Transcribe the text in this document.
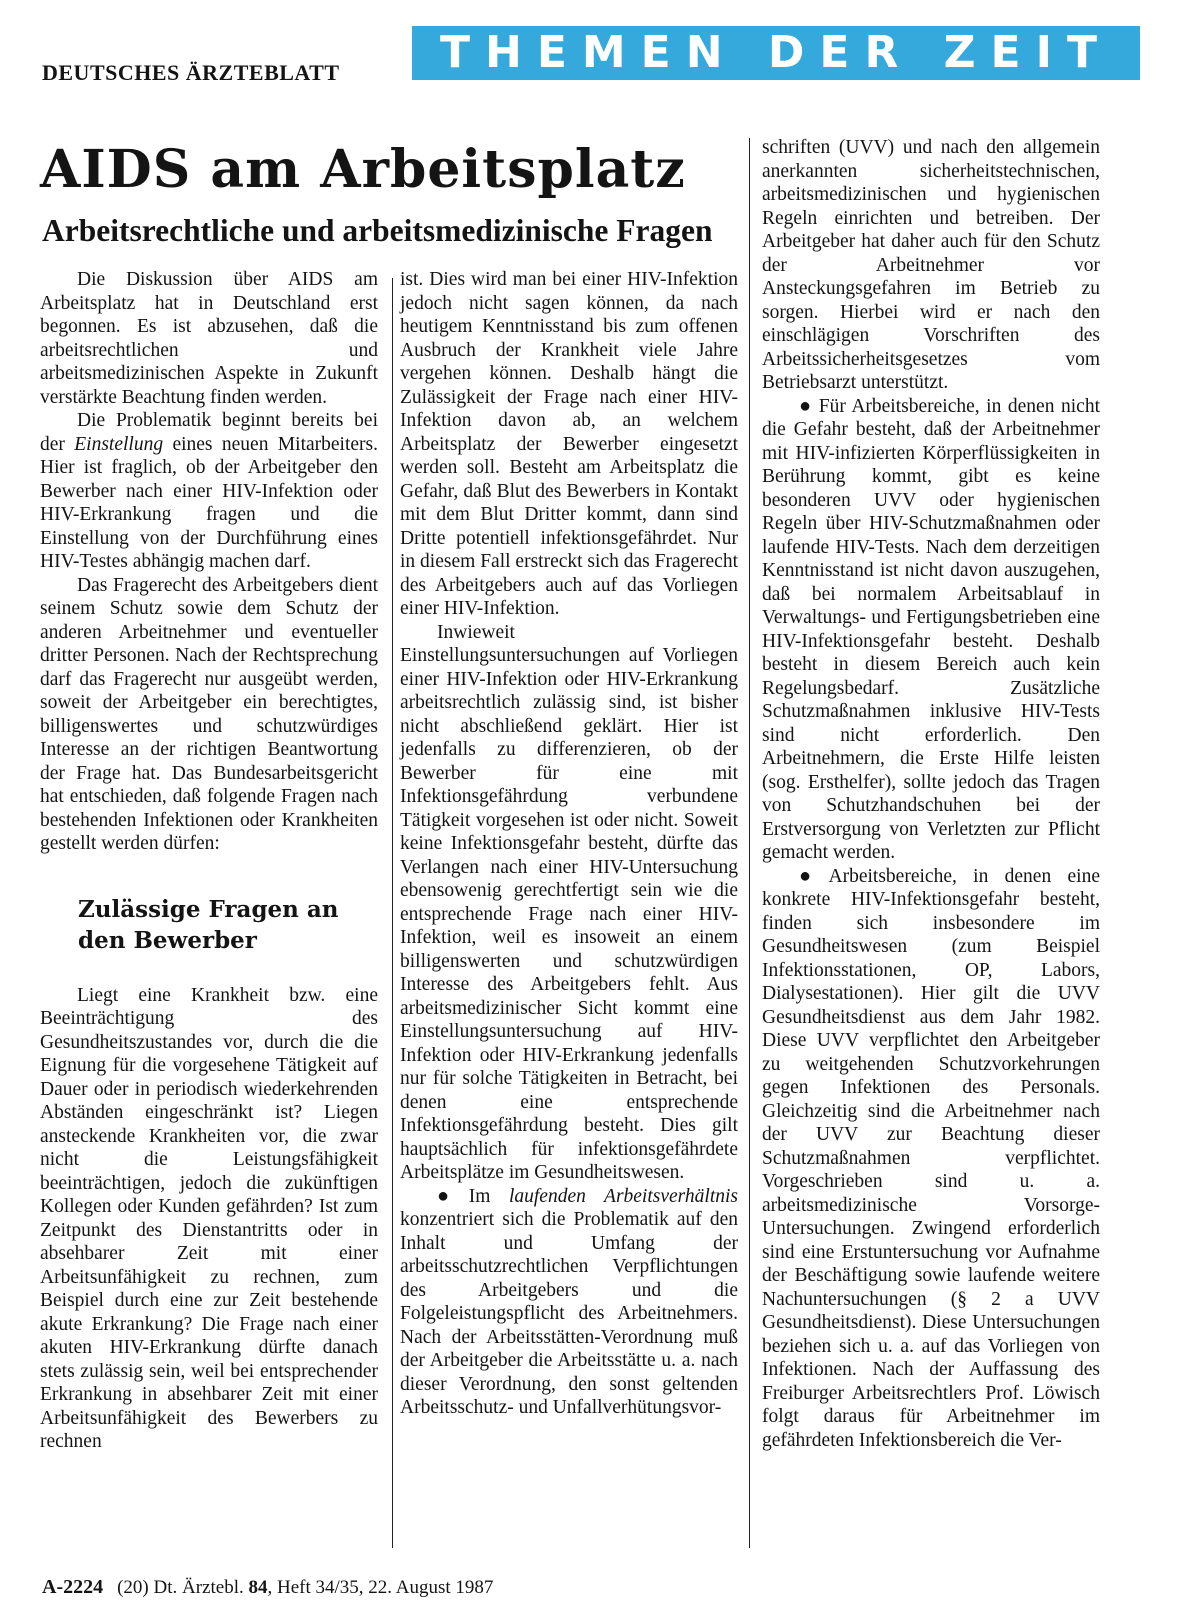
DEUTSCHES ÄRZTEBLATT	THEMEN DER ZEIT
AIDS am Arbeitsplatz
Arbeitsrechtliche und arbeitsmedizinische Fragen

Die Diskussion über AIDS am Arbeitsplatz hat in Deutschland erst begonnen. Es ist abzusehen, daß die arbeitsrechtlichen und arbeitsmedizinischen Aspekte in Zukunft verstärkte Beachtung finden werden.

Die Problematik beginnt bereits bei der Einstellung eines neuen Mitarbeiters. Hier ist fraglich, ob der Arbeitgeber den Bewerber nach einer HIV-Infektion oder HIV-Erkrankung fragen und die Einstellung von der Durchführung eines HIV-Testes abhängig machen darf.

Das Fragerecht des Arbeitgebers dient seinem Schutz sowie dem Schutz der anderen Arbeitnehmer und eventueller dritter Personen. Nach der Rechtsprechung darf das Fragerecht nur ausgeübt werden, soweit der Arbeitgeber ein berechtigtes, billigenswertes und schutzwürdiges Interesse an der richtigen Beantwortung der Frage hat. Das Bundesarbeitsgericht hat entschieden, daß folgende Fragen nach bestehenden Infektionen oder Krankheiten gestellt werden dürfen:

Zulässige Fragen an den Bewerber

Liegt eine Krankheit bzw. eine Beeinträchtigung des Gesundheitszustandes vor, durch die die Eignung für die vorgesehene Tätigkeit auf Dauer oder in periodisch wiederkehrenden Abständen eingeschränkt ist? Liegen ansteckende Krankheiten vor, die zwar nicht die Leistungsfähigkeit beeinträchtigen, jedoch die zukünftigen Kollegen oder Kunden gefährden? Ist zum Zeitpunkt des Dienstantritts oder in absehbarer Zeit mit einer Arbeitsunfähigkeit zu rechnen, zum Beispiel durch eine zur Zeit bestehende akute Erkrankung? Die Frage nach einer akuten HIV-Erkrankung dürfte danach stets zulässig sein, weil bei entsprechender Erkrankung in absehbarer Zeit mit einer Arbeitsunfähigkeit des Bewerbers zu rechnen

ist. Dies wird man bei einer HIV-Infektion jedoch nicht sagen können, da nach heutigem Kenntnisstand bis zum offenen Ausbruch der Krankheit viele Jahre vergehen können. Deshalb hängt die Zulässigkeit der Frage nach einer HIV-Infektion davon ab, an welchem Arbeitsplatz der Bewerber eingesetzt werden soll. Besteht am Arbeitsplatz die Gefahr, daß Blut des Bewerbers in Kontakt mit dem Blut Dritter kommt, dann sind Dritte potentiell infektionsgefährdet. Nur in diesem Fall erstreckt sich das Fragerecht des Arbeitgebers auch auf das Vorliegen einer HIV-Infektion.

Inwieweit Einstellungsuntersuchungen auf Vorliegen einer HIV-Infektion oder HIV-Erkrankung arbeitsrechtlich zulässig sind, ist bisher nicht abschließend geklärt. Hier ist jedenfalls zu differenzieren, ob der Bewerber für eine mit Infektionsgefährdung verbundene Tätigkeit vorgesehen ist oder nicht. Soweit keine Infektionsgefahr besteht, dürfte das Verlangen nach einer HIV-Untersuchung ebensowenig gerechtfertigt sein wie die entsprechende Frage nach einer HIV-Infektion, weil es insoweit an einem billigenswerten und schutzwürdigen Interesse des Arbeitgebers fehlt. Aus arbeitsmedizinischer Sicht kommt eine Einstellungsuntersuchung auf HIV-Infektion oder HIV-Erkrankung jedenfalls nur für solche Tätigkeiten in Betracht, bei denen eine entsprechende Infektionsgefährdung besteht. Dies gilt hauptsächlich für infektionsgefährdete Arbeitsplätze im Gesundheitswesen.

● Im laufenden Arbeitsverhältnis konzentriert sich die Problematik auf den Inhalt und Umfang der arbeitsschutzrechtlichen Verpflichtungen des Arbeitgebers und die Folgeleistungspflicht des Arbeitnehmers. Nach der Arbeitsstätten-Verordnung muß der Arbeitgeber die Arbeitsstätte u. a. nach dieser Verordnung, den sonst geltenden Arbeitsschutz- und Unfallverhütungsvor-

schriften (UVV) und nach den allgemein anerkannten sicherheitstechnischen, arbeitsmedizinischen und hygienischen Regeln einrichten und betreiben. Der Arbeitgeber hat daher auch für den Schutz der Arbeitnehmer vor Ansteckungsgefahren im Betrieb zu sorgen. Hierbei wird er nach den einschlägigen Vorschriften des Arbeitssicherheitsgesetzes vom Betriebsarzt unterstützt.

● Für Arbeitsbereiche, in denen nicht die Gefahr besteht, daß der Arbeitnehmer mit HIV-infizierten Körperflüssigkeiten in Berührung kommt, gibt es keine besonderen UVV oder hygienischen Regeln über HIV-Schutzmaßnahmen oder laufende HIV-Tests. Nach dem derzeitigen Kenntnisstand ist nicht davon auszugehen, daß bei normalem Arbeitsablauf in Verwaltungs- und Fertigungsbetrieben eine HIV-Infektionsgefahr besteht. Deshalb besteht in diesem Bereich auch kein Regelungsbedarf. Zusätzliche Schutzmaßnahmen inklusive HIV-Tests sind nicht erforderlich. Den Arbeitnehmern, die Erste Hilfe leisten (sog. Ersthelfer), sollte jedoch das Tragen von Schutzhandschuhen bei der Erstversorgung von Verletzten zur Pflicht gemacht werden.

● Arbeitsbereiche, in denen eine konkrete HIV-Infektionsgefahr besteht, finden sich insbesondere im Gesundheitswesen (zum Beispiel Infektionsstationen, OP, Labors, Dialysestationen). Hier gilt die UVV Gesundheitsdienst aus dem Jahr 1982. Diese UVV verpflichtet den Arbeitgeber zu weitgehenden Schutzvorkehrungen gegen Infektionen des Personals. Gleichzeitig sind die Arbeitnehmer nach der UVV zur Beachtung dieser Schutzmaßnahmen verpflichtet. Vorgeschrieben sind u. a. arbeitsmedizinische Vorsorge-Untersuchungen. Zwingend erforderlich sind eine Erstuntersuchung vor Aufnahme der Beschäftigung sowie laufende weitere Nachuntersuchungen (§ 2 a UVV Gesundheitsdienst). Diese Untersuchungen beziehen sich u. a. auf das Vorliegen von Infektionen. Nach der Auffassung des Freiburger Arbeitsrechtlers Prof. Löwisch folgt daraus für Arbeitnehmer im gefährdeten Infektionsbereich die Ver-

A-2224 (20) Dt. Ärztebl. 84, Heft 34/35, 22. August 1987
